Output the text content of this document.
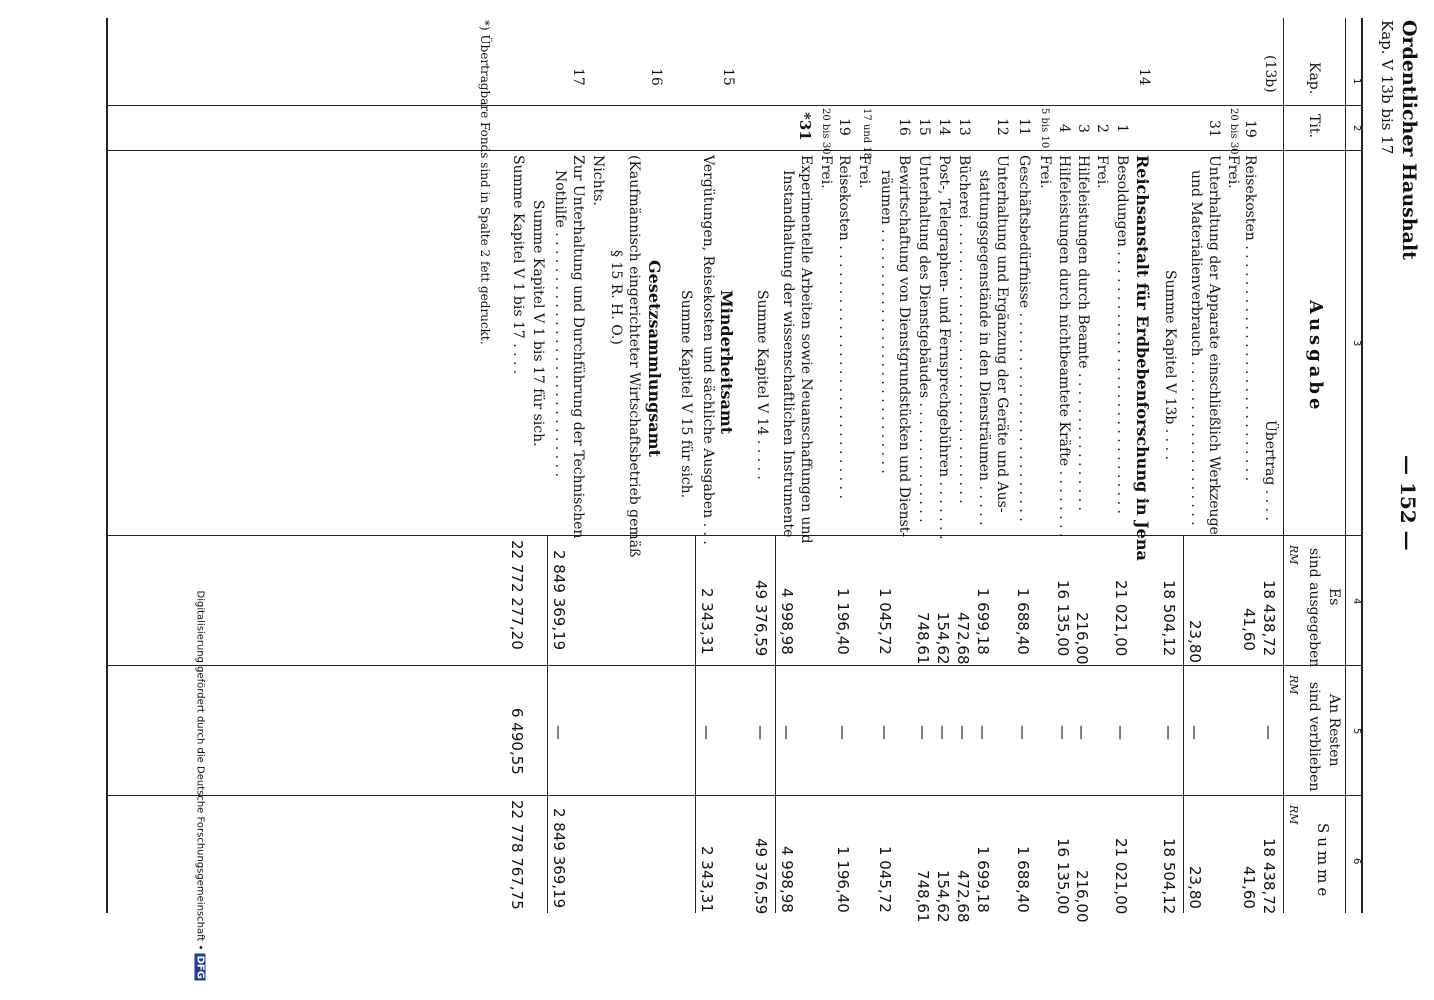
Ordentlicher Haushalt
Kap. V 13b bis 17
— 152 —
1
2
3
4
5
6
Kap.
Tit.
Ausgabe
Es
sind ausgegeben
An Resten
sind verblieben
Summe
RM
RM
RM
(13b)
Übertrag . . . .
18 438,72
—
18 438,72
19
Reisekosten . . . . . . . . . . . . . . . . . . . . . . . . . . .
41,60
41,60
20 bis 30
Frei.
31
Unterhaltung der Apparate einschließlich Werkzeuge
und Materialienverbrauch . . . . . . . . . . . . . . . . . . .
23,80
—
23,80
Summe Kapitel V 13b . . . .
18 504,12
—
18 504,12
14
Reichsanstalt für Erdbebenforschung in Jena
1
Besoldungen . . . . . . . . . . . . . . . . . . . . . . . . . . . . . .
21 021,00
—
21 021,00
2
Frei.
3
Hilfeleistungen durch Beamte . . . . . . . . . . . . . . . .
216,00
—
216,00
4
Hilfeleistungen durch nichtbeamtete Kräfte . . . . . . . .
16 135,00
—
16 135,00
5 bis 10
Frei.
11
Geschäftsbedürfnisse . . . . . . . . . . . . . . . . . . . . . . . .
1 688,40
—
1 688,40
12
Unterhaltung und Ergänzung der Geräte und Aus-
stattungsgegenstände in den Diensträumen . . . . .
1 699,18
—
1 699,18
13
Bücherei . . . . . . . . . . . . . . . . . . . . . . . . . . . . . . . .
472,68
—
472,68
14
Post-, Telegraphen- und Fernsprechgebühren . . . . . . .
154,62
—
154,62
15
Unterhaltung des Dienstgebäudes . . . . . . . . . . . . . .
748,61
—
748,61
16
Bewirtschaftung von Dienstgrundstücken und Dienst-
räumen . . . . . . . . . . . . . . . . . . . . . . . . . . . .
1 045,72
—
1 045,72
17 und 18
Frei.
19
Reisekosten . . . . . . . . . . . . . . . . . . . . . . . . . . . . .
1 196,40
—
1 196,40
20 bis 30
Frei.
*31
Experimentelle Arbeiten sowie Neuanschaffungen und
Instandhaltung der wissenschaftlichen Instrumente
4 998,98
—
4 998,98
Summe Kapitel V 14 . . . . .
49 376,59
—
49 376,59
15
Minderheitsamt
Vergütungen, Reisekosten und sächliche Ausgaben . . .
2 343,31
—
2 343,31
Summe Kapitel V 15 für sich.
16
Gesetzsammlungsamt
(Kaufmännisch eingerichteter Wirtschaftsbetrieb gemäß
§ 15 R. H. O.)
Nichts.
17
Zur Unterhaltung und Durchführung der Technischen
Nothilfe . . . . . . . . . . . . . . . . . . . . . . . . . . . .
2 849 369,19
—
2 849 369,19
Summe Kapitel V 1 bis 17 für sich.
Summe Kapitel V 1 bis 17 . . . .
22 772 277,20
6 490,55
22 778 767,75
*) Übertragbare Fonds sind in Spalte 2 fett gedruckt.
Digitalisierung gefördert durch die Deutsche Forschungsgemeinschaft • DFG
